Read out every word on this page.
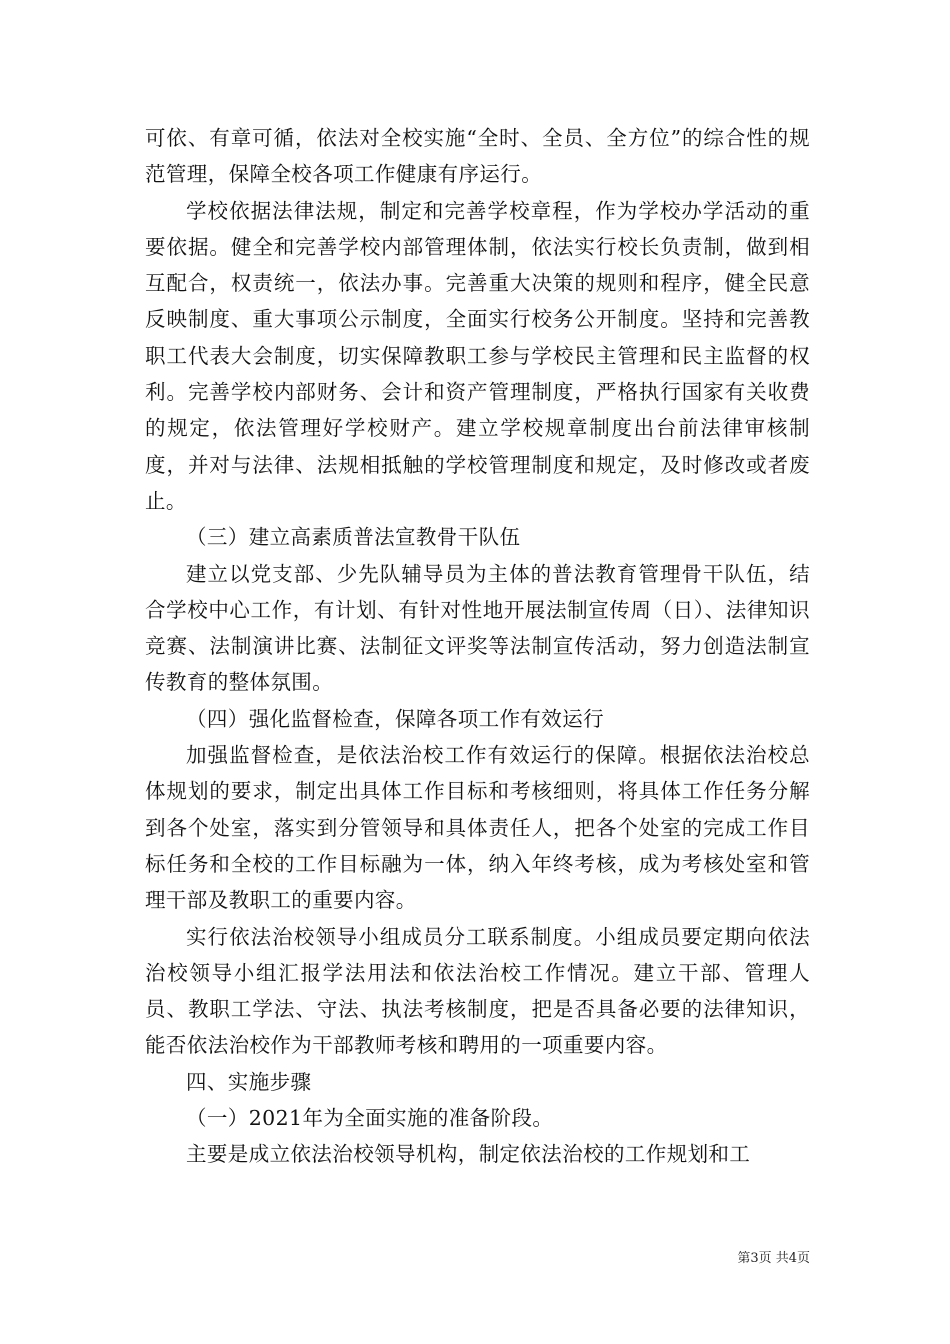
可依、有章可循，依法对全校实施“全时、全员、全方位”的综合性的规范管理，保障全校各项工作健康有序运行。

学校依据法律法规，制定和完善学校章程，作为学校办学活动的重要依据。健全和完善学校内部管理体制，依法实行校长负责制，做到相互配合，权责统一，依法办事。完善重大决策的规则和程序，健全民意反映制度、重大事项公示制度，全面实行校务公开制度。坚持和完善教职工代表大会制度，切实保障教职工参与学校民主管理和民主监督的权利。完善学校内部财务、会计和资产管理制度，严格执行国家有关收费的规定，依法管理好学校财产。建立学校规章制度出台前法律审核制度，并对与法律、法规相抵触的学校管理制度和规定，及时修改或者废止。

（三）建立高素质普法宣教骨干队伍

建立以党支部、少先队辅导员为主体的普法教育管理骨干队伍，结合学校中心工作，有计划、有针对性地开展法制宣传周（日）、法律知识竞赛、法制演讲比赛、法制征文评奖等法制宣传活动，努力创造法制宣传教育的整体氛围。

（四）强化监督检查，保障各项工作有效运行

加强监督检查，是依法治校工作有效运行的保障。根据依法治校总体规划的要求，制定出具体工作目标和考核细则，将具体工作任务分解到各个处室，落实到分管领导和具体责任人，把各个处室的完成工作目标任务和全校的工作目标融为一体，纳入年终考核，成为考核处室和管理干部及教职工的重要内容。

实行依法治校领导小组成员分工联系制度。小组成员要定期向依法治校领导小组汇报学法用法和依法治校工作情况。建立干部、管理人员、教职工学法、守法、执法考核制度，把是否具备必要的法律知识，能否依法治校作为干部教师考核和聘用的一项重要内容。

四、实施步骤

（一）2021年为全面实施的准备阶段。

主要是成立依法治校领导机构，制定依法治校的工作规划和工

第3页 共4页
